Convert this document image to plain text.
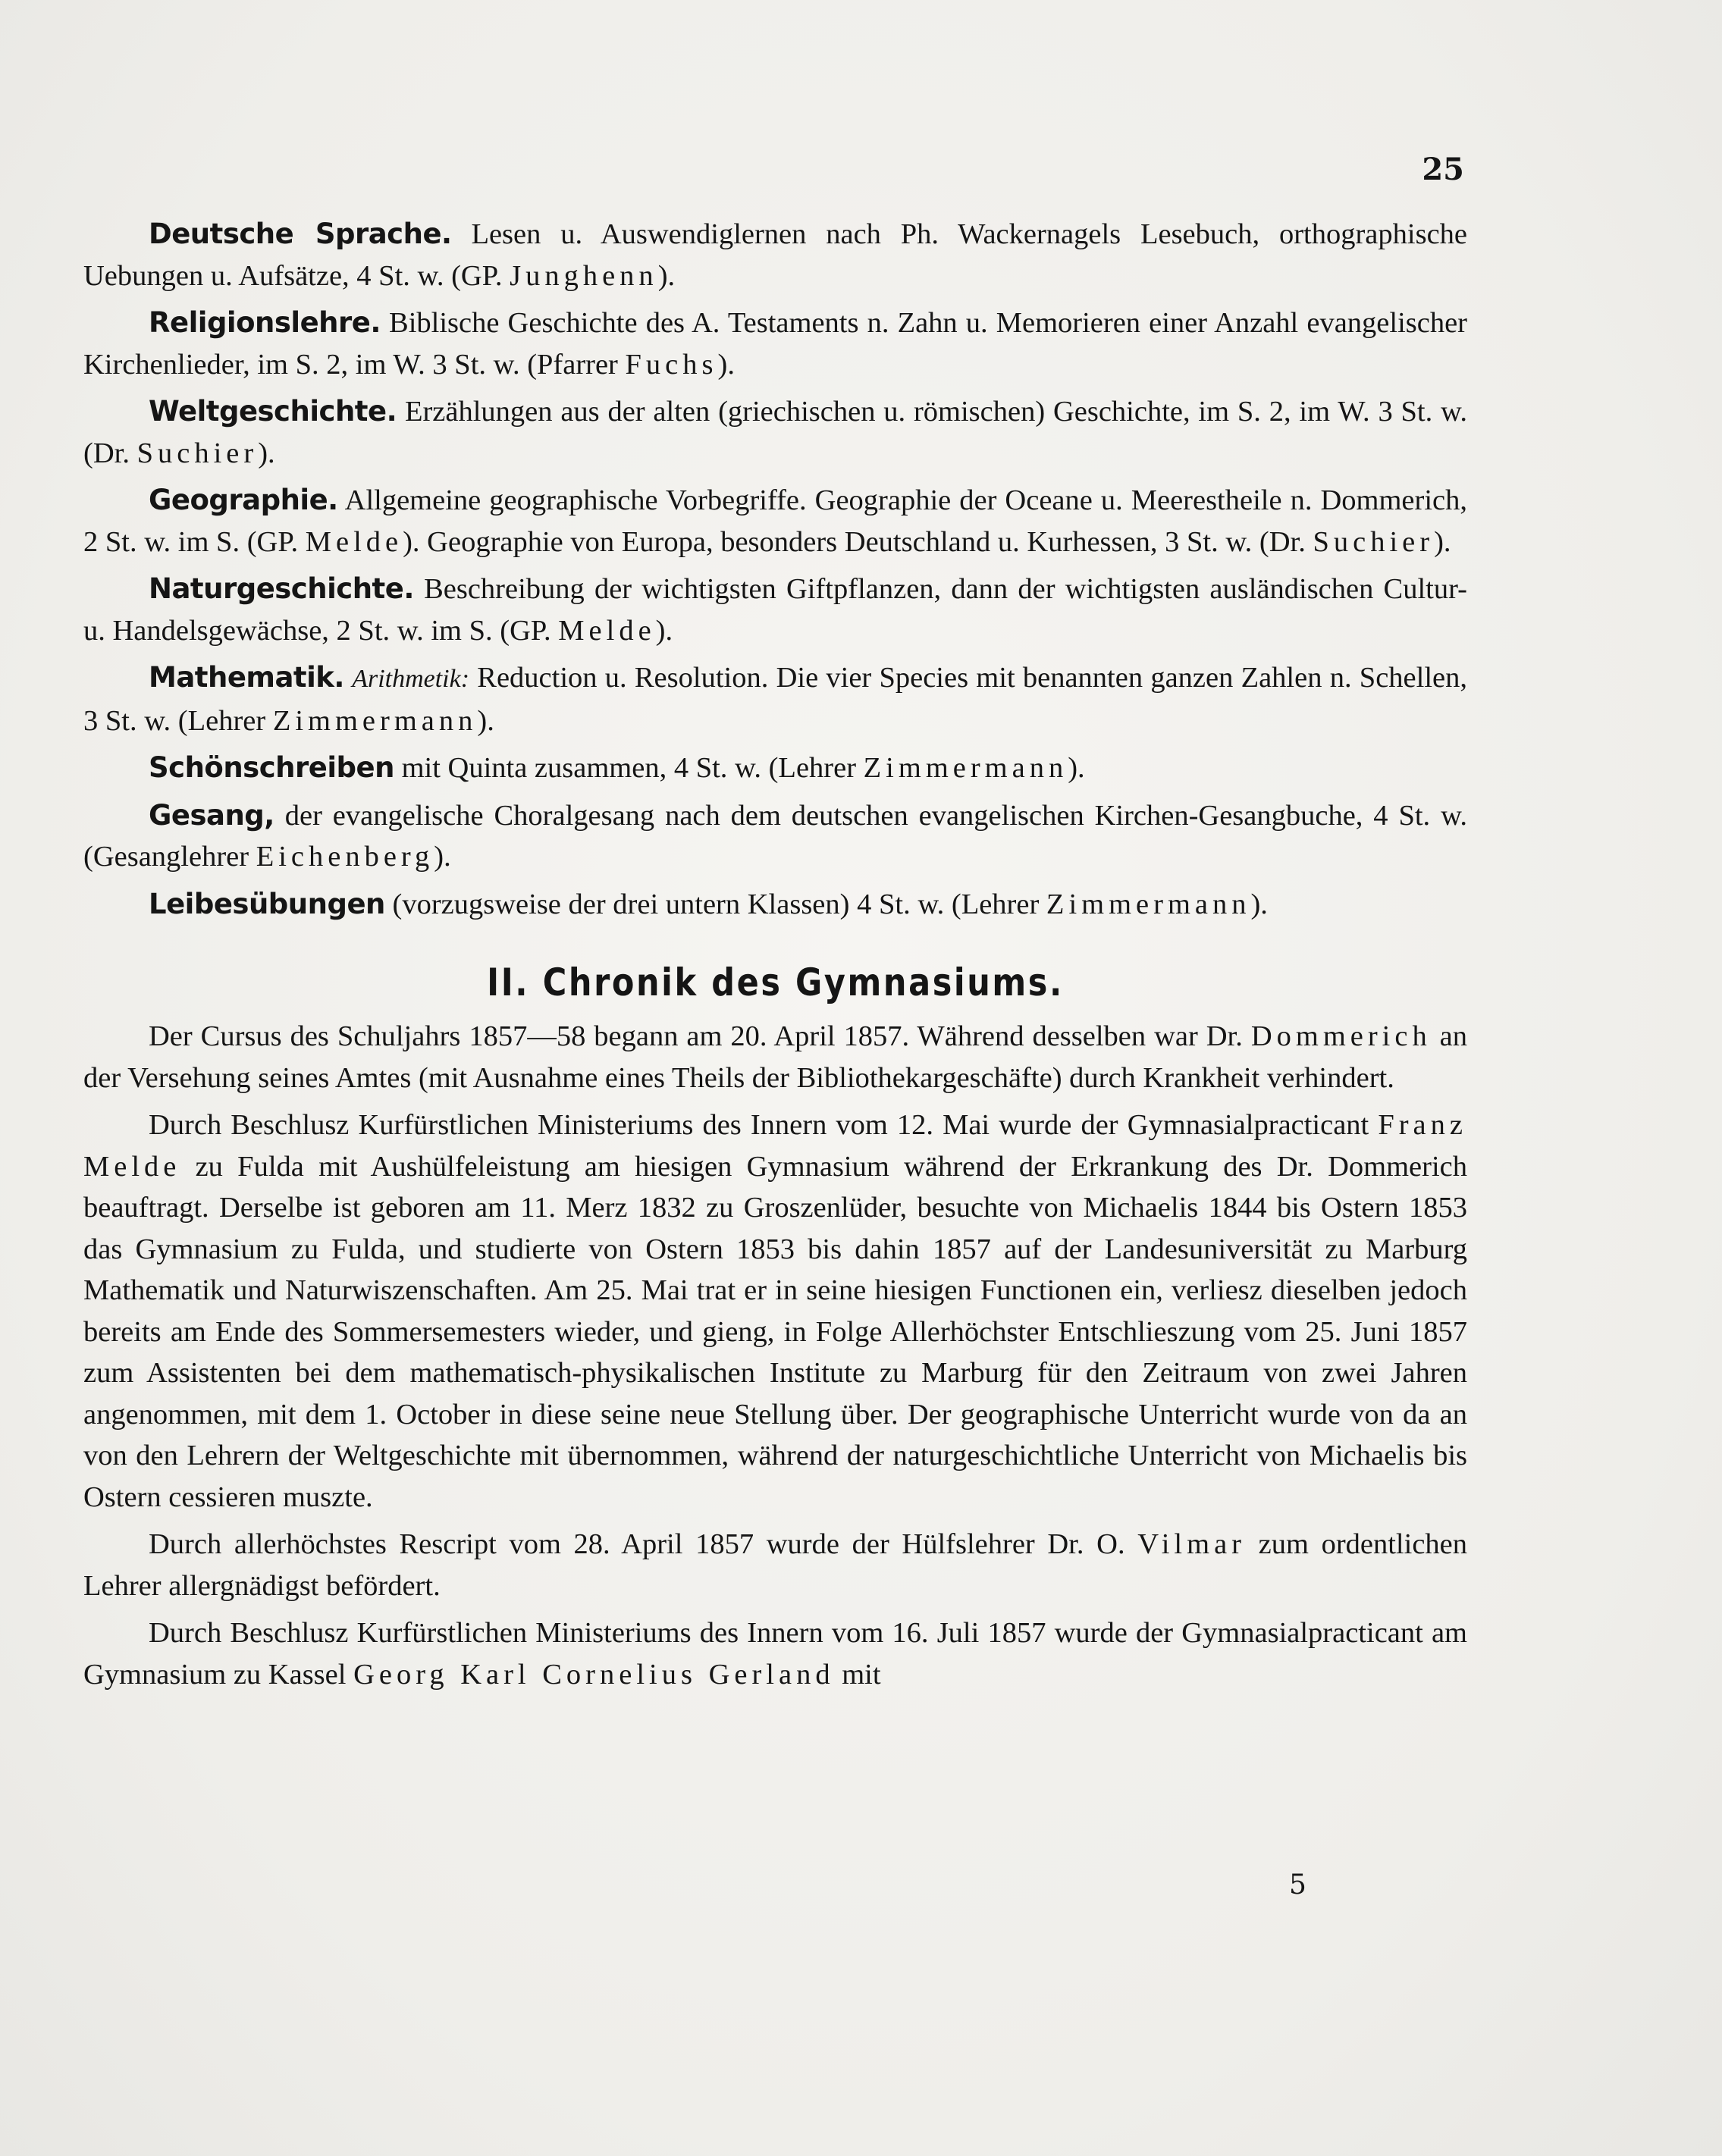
25

Deutsche Sprache. Lesen u. Auswendiglernen nach Ph. Wackernagels Lesebuch, orthographische Uebungen u. Aufsätze, 4 St. w. (GP. Junghenn).

Religionslehre. Biblische Geschichte des A. Testaments n. Zahn u. Memorieren einer Anzahl evangelischer Kirchenlieder, im S. 2, im W. 3 St. w. (Pfarrer Fuchs).

Weltgeschichte. Erzählungen aus der alten (griechischen u. römischen) Geschichte, im S. 2, im W. 3 St. w. (Dr. Suchier).

Geographie. Allgemeine geographische Vorbegriffe. Geographie der Oceane u. Meerestheile n. Dommerich, 2 St. w. im S. (GP. Melde). Geographie von Europa, besonders Deutschland u. Kurhessen, 3 St. w. (Dr. Suchier).

Naturgeschichte. Beschreibung der wichtigsten Giftpflanzen, dann der wichtigsten ausländischen Cultur- u. Handelsgewächse, 2 St. w. im S. (GP. Melde).

Mathematik. Arithmetik: Reduction u. Resolution. Die vier Species mit benannten ganzen Zahlen n. Schellen, 3 St. w. (Lehrer Zimmermann).

Schönschreiben mit Quinta zusammen, 4 St. w. (Lehrer Zimmermann).

Gesang, der evangelische Choralgesang nach dem deutschen evangelischen Kirchen-Gesangbuche, 4 St. w. (Gesanglehrer Eichenberg).

Leibesübungen (vorzugsweise der drei untern Klassen) 4 St. w. (Lehrer Zimmermann).

II. Chronik des Gymnasiums.

Der Cursus des Schuljahrs 1857—58 begann am 20. April 1857. Während desselben war Dr. Dommerich an der Versehung seines Amtes (mit Ausnahme eines Theils der Bibliothekargeschäfte) durch Krankheit verhindert.

Durch Beschlusz Kurfürstlichen Ministeriums des Innern vom 12. Mai wurde der Gymnasialpracticant Franz Melde zu Fulda mit Aushülfeleistung am hiesigen Gymnasium während der Erkrankung des Dr. Dommerich beauftragt. Derselbe ist geboren am 11. Merz 1832 zu Groszenlüder, besuchte von Michaelis 1844 bis Ostern 1853 das Gymnasium zu Fulda, und studierte von Ostern 1853 bis dahin 1857 auf der Landesuniversität zu Marburg Mathematik und Naturwiszenschaften. Am 25. Mai trat er in seine hiesigen Functionen ein, verliesz dieselben jedoch bereits am Ende des Sommersemesters wieder, und gieng, in Folge Allerhöchster Entschlieszung vom 25. Juni 1857 zum Assistenten bei dem mathematisch-physikalischen Institute zu Marburg für den Zeitraum von zwei Jahren angenommen, mit dem 1. October in diese seine neue Stellung über. Der geographische Unterricht wurde von da an von den Lehrern der Weltgeschichte mit übernommen, während der naturgeschichtliche Unterricht von Michaelis bis Ostern cessieren muszte.

Durch allerhöchstes Rescript vom 28. April 1857 wurde der Hülfslehrer Dr. O. Vilmar zum ordentlichen Lehrer allergnädigst befördert.

Durch Beschlusz Kurfürstlichen Ministeriums des Innern vom 16. Juli 1857 wurde der Gymnasialpracticant am Gymnasium zu Kassel Georg Karl Cornelius Gerland mit

5
